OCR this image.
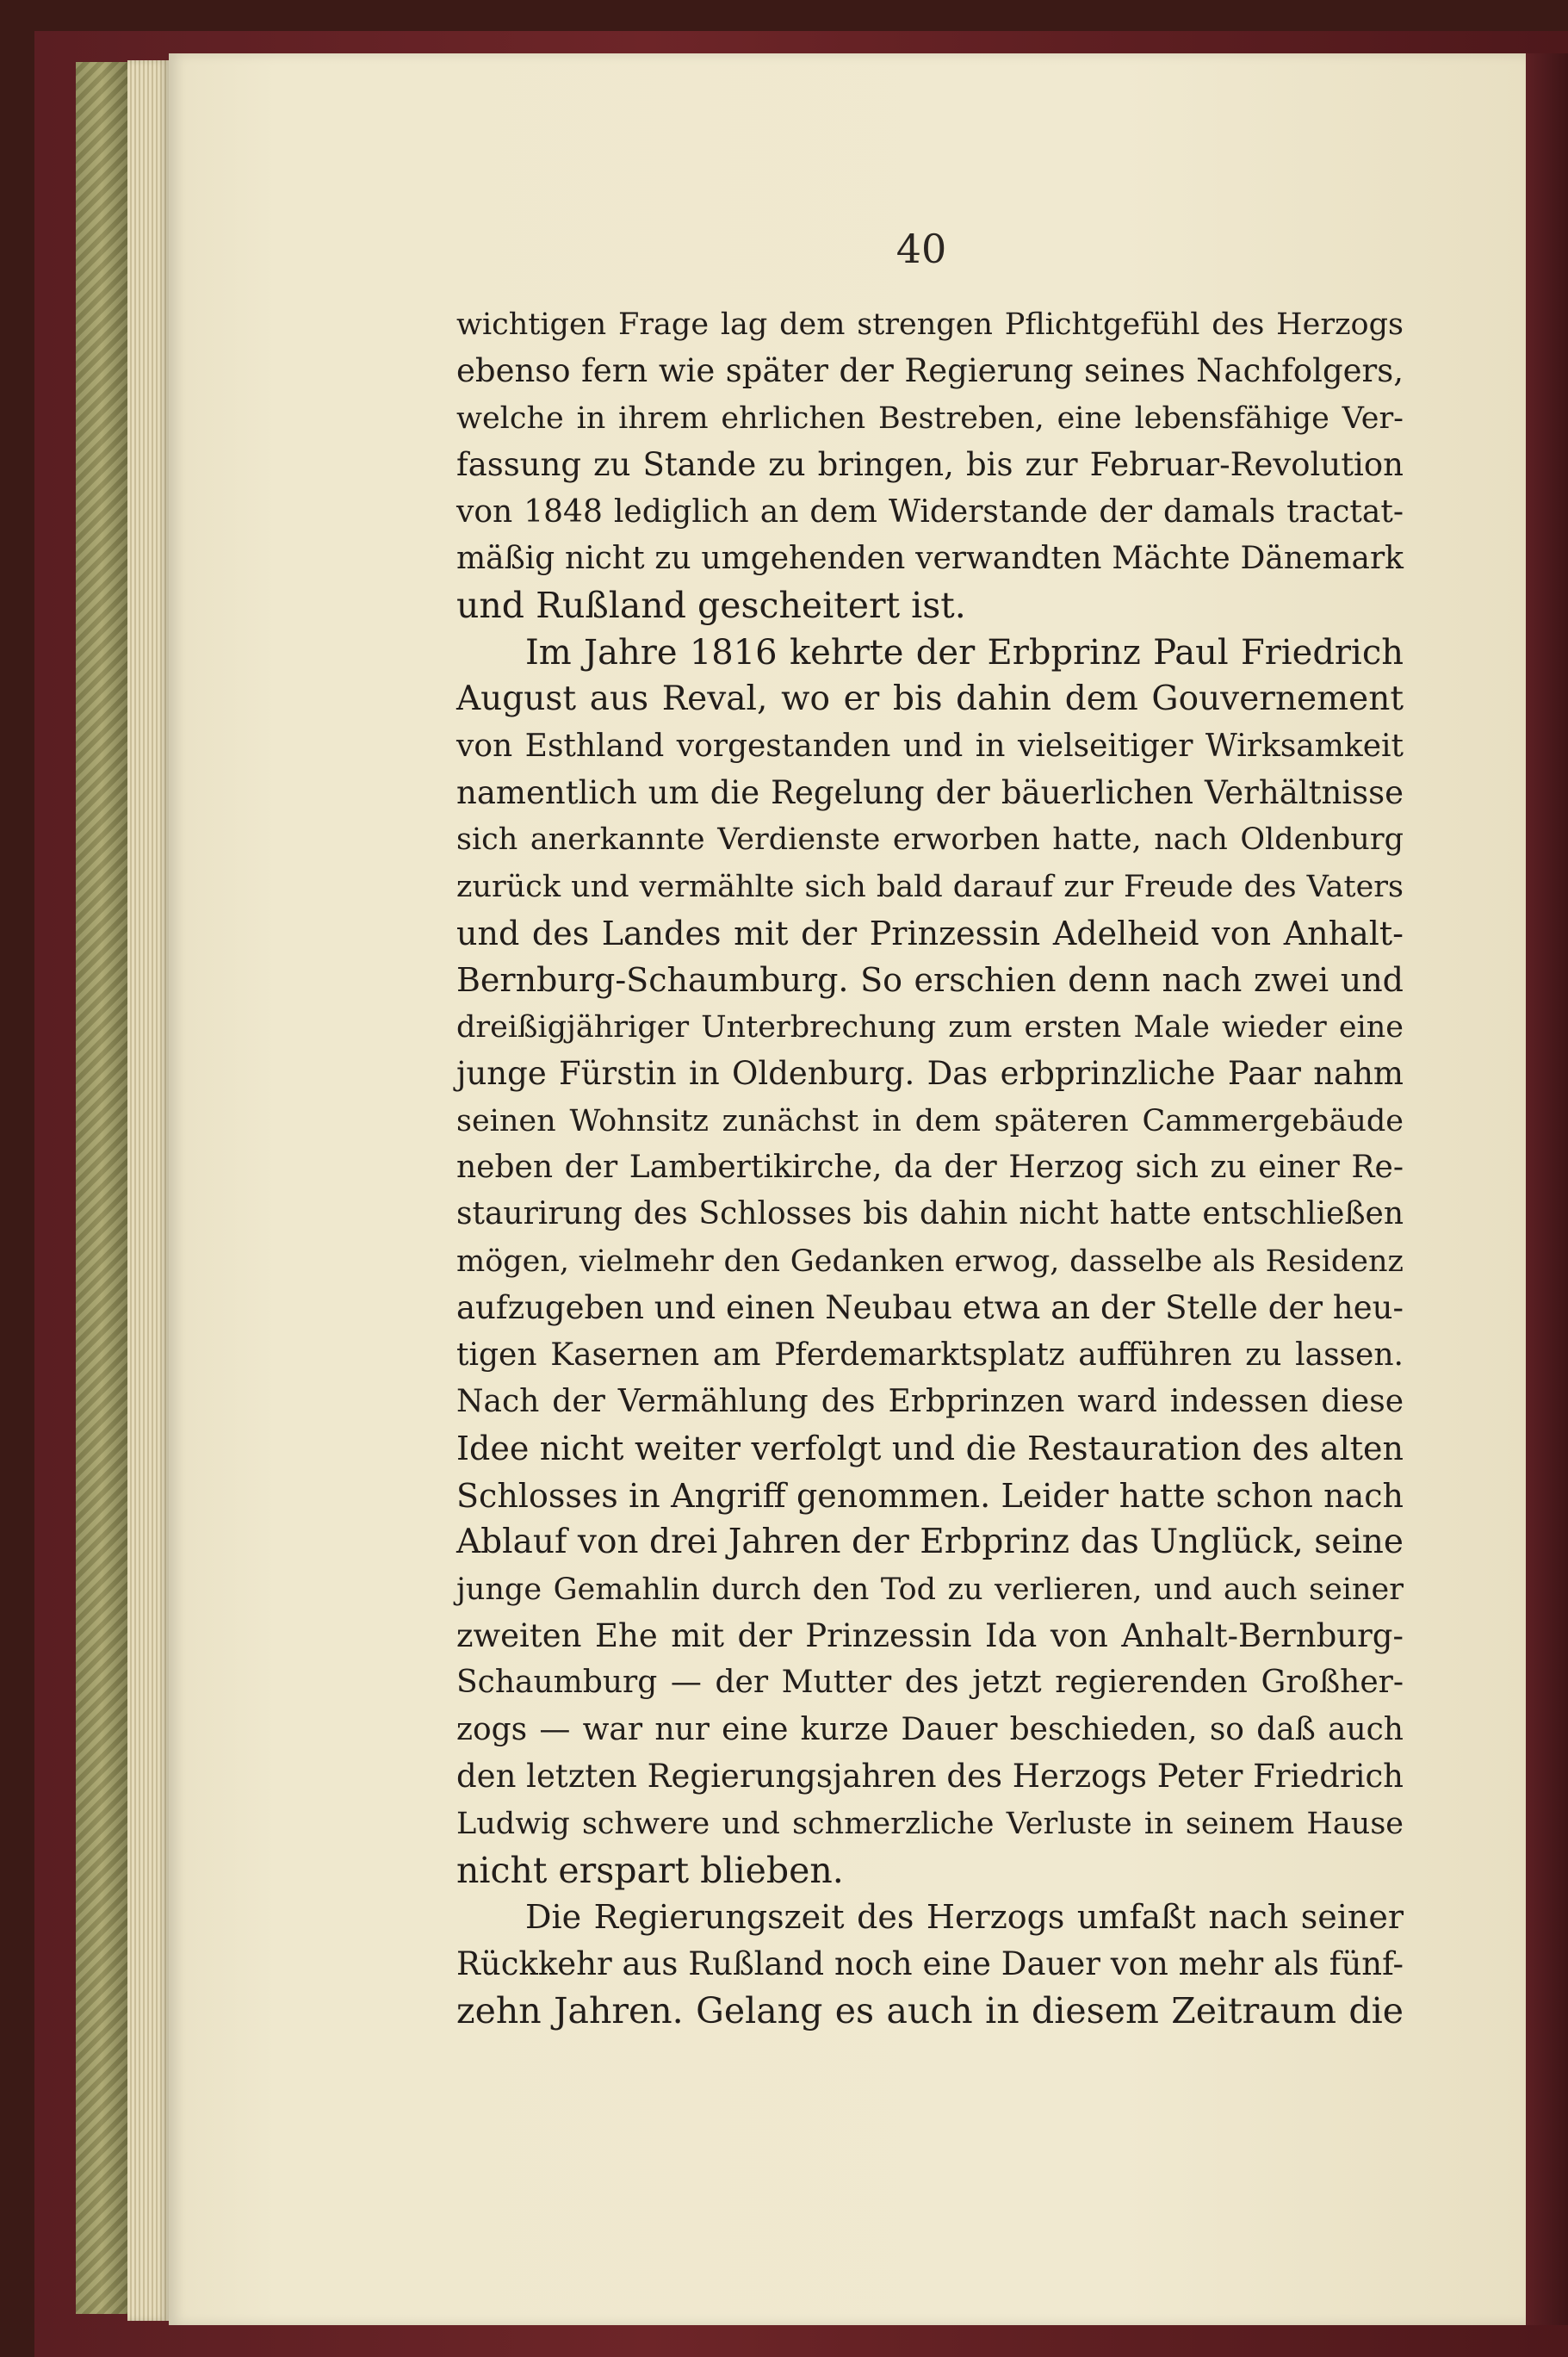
40

wichtigen Frage lag dem strengen Pflichtgefühl des Herzogs
ebenso fern wie später der Regierung seines Nachfolgers,
welche in ihrem ehrlichen Bestreben, eine lebensfähige Ver-
fassung zu Stande zu bringen, bis zur Februar-Revolution
von 1848 lediglich an dem Widerstande der damals tractat-
mäßig nicht zu umgehenden verwandten Mächte Dänemark
und Rußland gescheitert ist.

Im Jahre 1816 kehrte der Erbprinz Paul Friedrich
August aus Reval, wo er bis dahin dem Gouvernement
von Esthland vorgestanden und in vielseitiger Wirksamkeit
namentlich um die Regelung der bäuerlichen Verhältnisse
sich anerkannte Verdienste erworben hatte, nach Oldenburg
zurück und vermählte sich bald darauf zur Freude des Vaters
und des Landes mit der Prinzessin Adelheid von Anhalt-
Bernburg-Schaumburg. So erschien denn nach zwei und
dreißigjähriger Unterbrechung zum ersten Male wieder eine
junge Fürstin in Oldenburg. Das erbprinzliche Paar nahm
seinen Wohnsitz zunächst in dem späteren Cammergebäude
neben der Lambertikirche, da der Herzog sich zu einer Re-
staurirung des Schlosses bis dahin nicht hatte entschließen
mögen, vielmehr den Gedanken erwog, dasselbe als Residenz
aufzugeben und einen Neubau etwa an der Stelle der heu-
tigen Kasernen am Pferdemarktsplatz aufführen zu lassen.
Nach der Vermählung des Erbprinzen ward indessen diese
Idee nicht weiter verfolgt und die Restauration des alten
Schlosses in Angriff genommen. Leider hatte schon nach
Ablauf von drei Jahren der Erbprinz das Unglück, seine
junge Gemahlin durch den Tod zu verlieren, und auch seiner
zweiten Ehe mit der Prinzessin Ida von Anhalt-Bernburg-
Schaumburg — der Mutter des jetzt regierenden Großher-
zogs — war nur eine kurze Dauer beschieden, so daß auch
den letzten Regierungsjahren des Herzogs Peter Friedrich
Ludwig schwere und schmerzliche Verluste in seinem Hause
nicht erspart blieben.

Die Regierungszeit des Herzogs umfaßt nach seiner
Rückkehr aus Rußland noch eine Dauer von mehr als fünf-
zehn Jahren. Gelang es auch in diesem Zeitraum die
